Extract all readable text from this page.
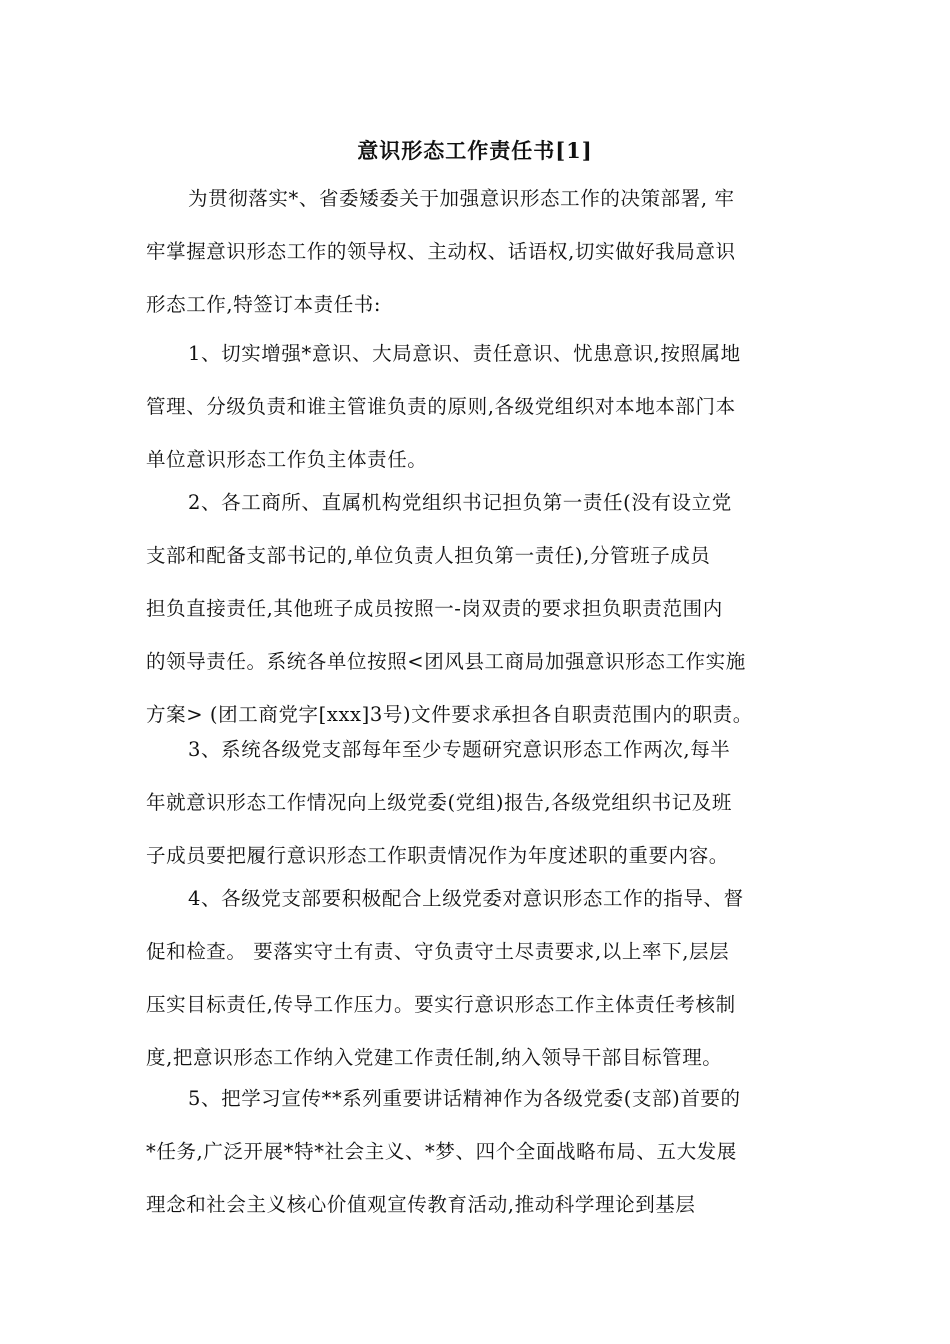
意识形态工作责任书[1]
为贯彻落实*、省委矮委关于加强意识形态工作的决策部署, 牢
牢掌握意识形态工作的领导权、主动权、话语权,切实做好我局意识
形态工作,特签订本责任书:
1、切实增强*意识、大局意识、责任意识、忧患意识,按照属地
管理、分级负责和谁主管谁负责的原则,各级党组织对本地本部门本
单位意识形态工作负主体责任。
2、各工商所、直属机构党组织书记担负第一责任(没有设立党
支部和配备支部书记的,单位负责人担负第一责任),分管班子成员
担负直接责任,其他班子成员按照一-岗双责的要求担负职责范围内
的领导责任。系统各单位按照<团风县工商局加强意识形态工作实施
方案> (团工商党字[xxx]3号)文件要求承担各自职责范围内的职责。
3、系统各级党支部每年至少专题研究意识形态工作两次,每半
年就意识形态工作情况向上级党委(党组)报告,各级党组织书记及班
子成员要把履行意识形态工作职责情况作为年度述职的重要内容。
4、各级党支部要积极配合上级党委对意识形态工作的指导、督
促和检查。 要落实守土有责、守负责守土尽责要求,以上率下,层层
压实目标责任,传导工作压力。要实行意识形态工作主体责任考核制
度,把意识形态工作纳入党建工作责任制,纳入领导干部目标管理。
5、把学习宣传**系列重要讲话精神作为各级党委(支部)首要的
*任务,广泛开展*特*社会主义、*梦、四个全面战略布局、五大发展
理念和社会主义核心价值观宣传教育活动,推动科学理论到基层
